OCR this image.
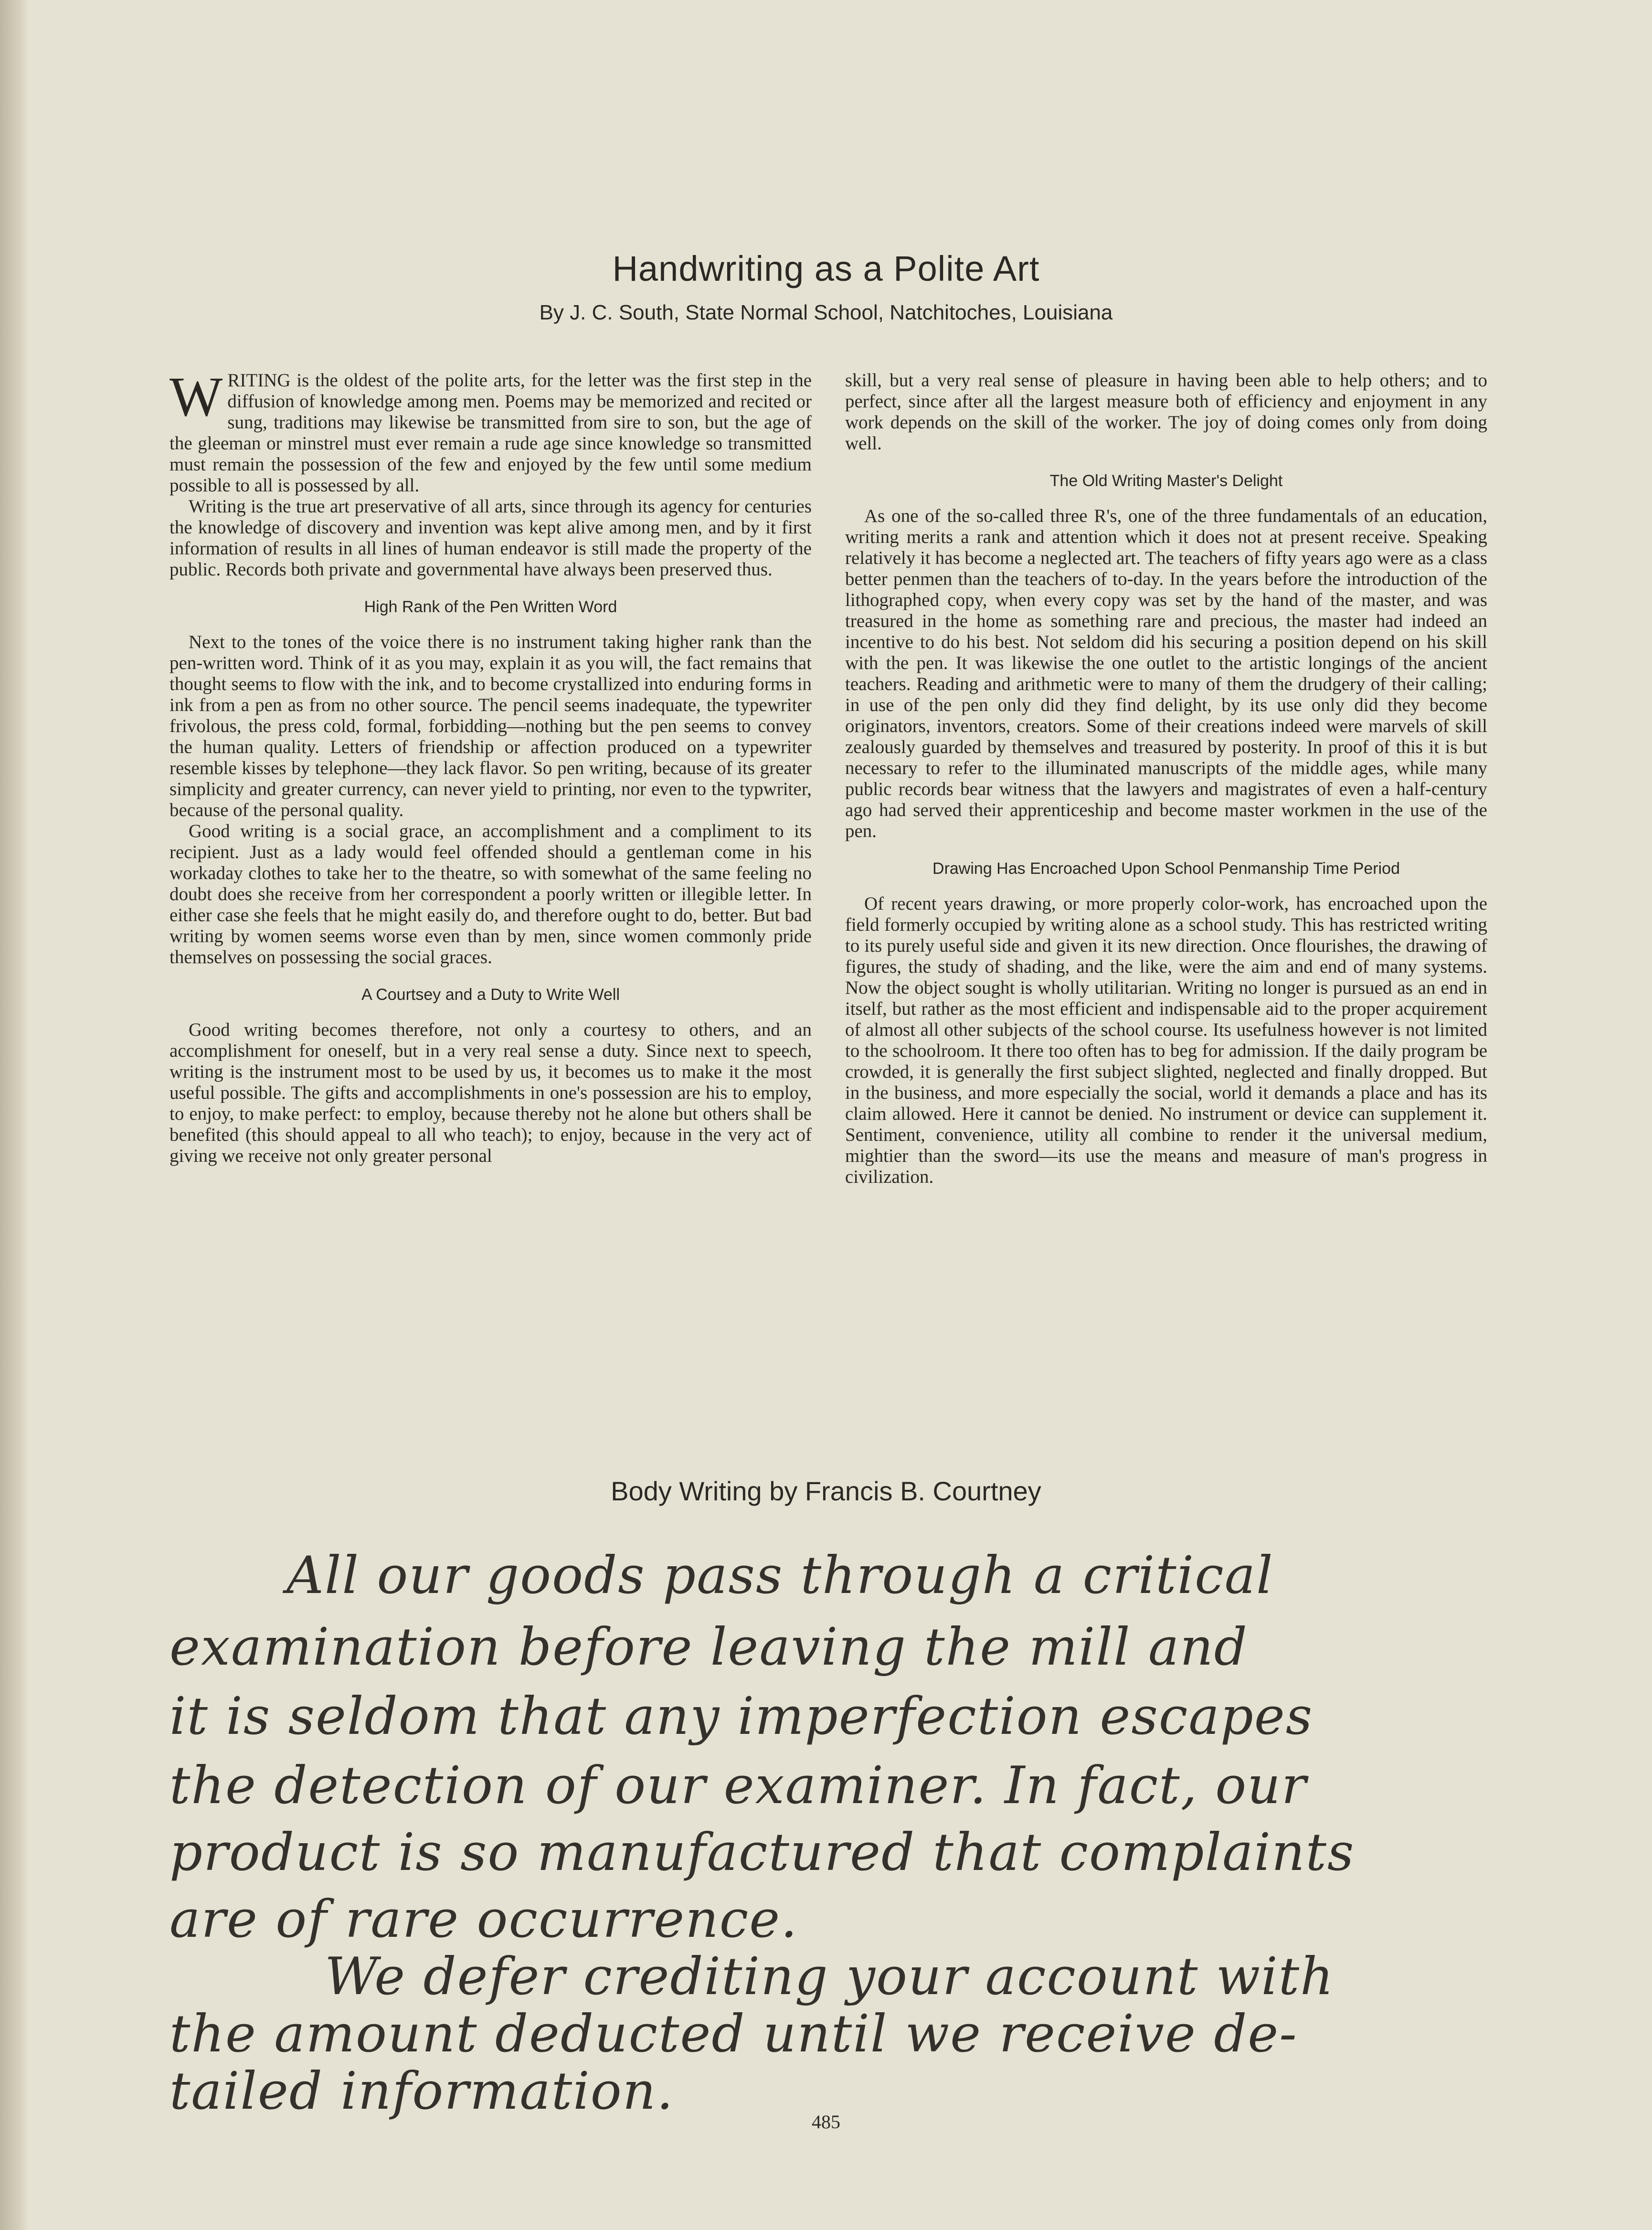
Handwriting as a Polite Art
By J. C. South, State Normal School, Natchitoches, Louisiana

WRITING is the oldest of the polite arts, for the letter was the first step in the diffusion of knowledge among men. Poems may be memorized and recited or sung, traditions may likewise be transmitted from sire to son, but the age of the gleeman or minstrel must ever remain a rude age since knowledge so transmitted must remain the possession of the few and enjoyed by the few until some medium possible to all is possessed by all.

Writing is the true art preservative of all arts, since through its agency for centuries the knowledge of discovery and invention was kept alive among men, and by it first information of results in all lines of human endeavor is still made the property of the public. Records both private and governmental have always been preserved thus.

High Rank of the Pen Written Word

Next to the tones of the voice there is no instrument taking higher rank than the pen-written word. Think of it as you may, explain it as you will, the fact remains that thought seems to flow with the ink, and to become crystallized into enduring forms in ink from a pen as from no other source. The pencil seems inadequate, the typewriter frivolous, the press cold, formal, forbidding—nothing but the pen seems to convey the human quality. Letters of friendship or affection produced on a typewriter resemble kisses by telephone—they lack flavor. So pen writing, because of its greater simplicity and greater currency, can never yield to printing, nor even to the typwriter, because of the personal quality.

Good writing is a social grace, an accomplishment and a compliment to its recipient. Just as a lady would feel offended should a gentleman come in his workaday clothes to take her to the theatre, so with somewhat of the same feeling no doubt does she receive from her correspondent a poorly written or illegible letter. In either case she feels that he might easily do, and therefore ought to do, better. But bad writing by women seems worse even than by men, since women commonly pride themselves on possessing the social graces.

A Courtsey and a Duty to Write Well

Good writing becomes therefore, not only a courtesy to others, and an accomplishment for oneself, but in a very real sense a duty. Since next to speech, writing is the instrument most to be used by us, it becomes us to make it the most useful possible. The gifts and accomplishments in one's possession are his to employ, to enjoy, to make perfect: to employ, because thereby not he alone but others shall be benefited (this should appeal to all who teach); to enjoy, because in the very act of giving we receive not only greater personal

skill, but a very real sense of pleasure in having been able to help others; and to perfect, since after all the largest measure both of efficiency and enjoyment in any work depends on the skill of the worker. The joy of doing comes only from doing well.

The Old Writing Master's Delight

As one of the so-called three R's, one of the three fundamentals of an education, writing merits a rank and attention which it does not at present receive. Speaking relatively it has become a neglected art. The teachers of fifty years ago were as a class better penmen than the teachers of to-day. In the years before the introduction of the lithographed copy, when every copy was set by the hand of the master, and was treasured in the home as something rare and precious, the master had indeed an incentive to do his best. Not seldom did his securing a position depend on his skill with the pen. It was likewise the one outlet to the artistic longings of the ancient teachers. Reading and arithmetic were to many of them the drudgery of their calling; in use of the pen only did they find delight, by its use only did they become originators, inventors, creators. Some of their creations indeed were marvels of skill zealously guarded by themselves and treasured by posterity. In proof of this it is but necessary to refer to the illuminated manuscripts of the middle ages, while many public records bear witness that the lawyers and magistrates of even a half-century ago had served their apprenticeship and become master workmen in the use of the pen.

Drawing Has Encroached Upon School Penmanship Time Period

Of recent years drawing, or more properly color-work, has encroached upon the field formerly occupied by writing alone as a school study. This has restricted writing to its purely useful side and given it its new direction. Once flourishes, the drawing of figures, the study of shading, and the like, were the aim and end of many systems. Now the object sought is wholly utilitarian. Writing no longer is pursued as an end in itself, but rather as the most efficient and indispensable aid to the proper acquirement of almost all other subjects of the school course. Its usefulness however is not limited to the schoolroom. It there too often has to beg for admission. If the daily program be crowded, it is generally the first subject slighted, neglected and finally dropped. But in the business, and more especially the social, world it demands a place and has its claim allowed. Here it cannot be denied. No instrument or device can supplement it. Sentiment, convenience, utility all combine to render it the universal medium, mightier than the sword—its use the means and measure of man's progress in civilization.

Body Writing by Francis B. Courtney
All our goods pass through a critical
examination before leaving the mill and
it is seldom that any imperfection escapes
the detection of our examiner. In fact, our
product is so manufactured that complaints
are of rare occurrence.
We defer crediting your account with
the amount deducted until we receive de-
tailed information.
485
